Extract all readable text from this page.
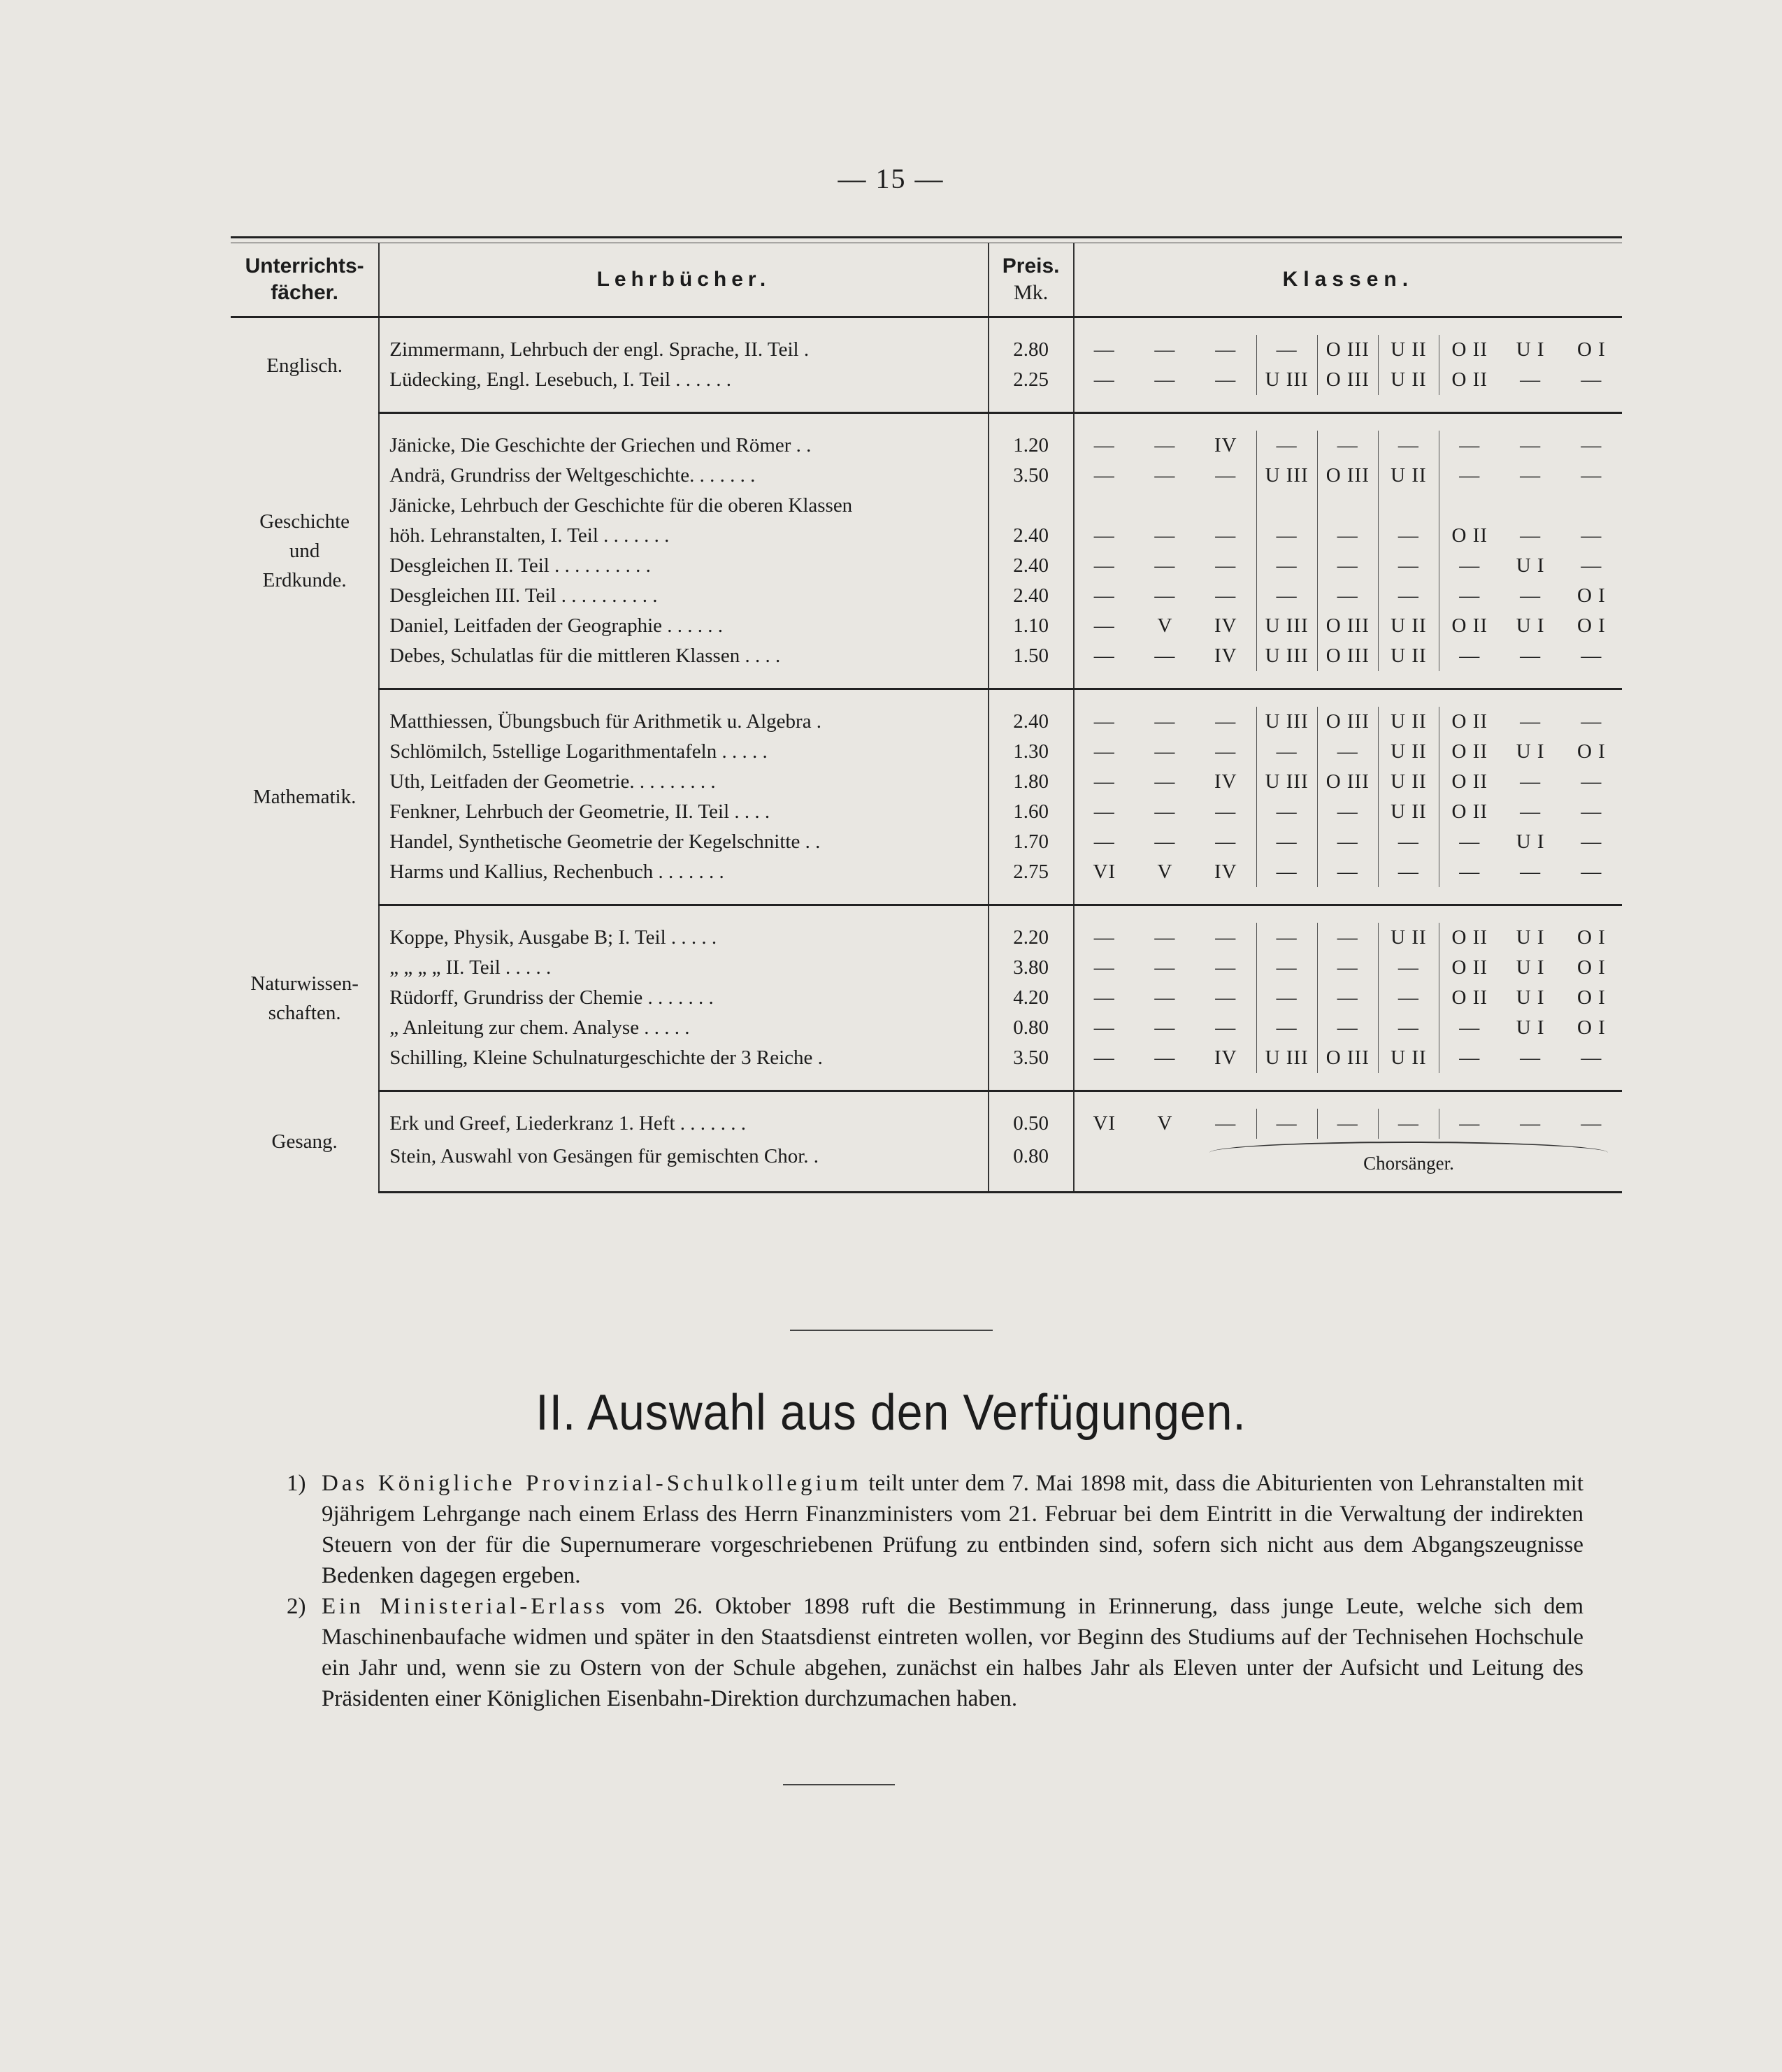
— 15 —
Unterrichts-
fächer.	Lehrbücher.	Preis.
Mk.	Klassen.								
Englisch.											
	Zimmermann, Lehrbuch der engl. Sprache, II. Teil .	2.80	—	—	—	—	O III	U II	O II	U I	O I
	Lüdecking, Engl. Lesebuch, I. Teil . . . . . .	2.25	—	—	—	U III	O III	U II	O II	—	—

Geschichte
und
Erdkunde.											
	Jänicke, Die Geschichte der Griechen und Römer . .	1.20	—	—	IV	—	—	—	—	—	—
	Andrä, Grundriss der Weltgeschichte. . . . . . .	3.50	—	—	—	U III	O III	U II	—	—	—
	Jänicke, Lehrbuch der Geschichte für die oberen Klassen										
	höh. Lehranstalten, I. Teil . . . . . . .	2.40	—	—	—	—	—	—	O II	—	—
	Desgleichen II. Teil . . . . . . . . . .	2.40	—	—	—	—	—	—	—	U I	—
	Desgleichen III. Teil . . . . . . . . . .	2.40	—	—	—	—	—	—	—	—	O I
	Daniel, Leitfaden der Geographie . . . . . .	1.10	—	V	IV	U III	O III	U II	O II	U I	O I
	Debes, Schulatlas für die mittleren Klassen . . . .	1.50	—	—	IV	U III	O III	U II	—	—	—

Mathematik.											
	Matthiessen, Übungsbuch für Arithmetik u. Algebra .	2.40	—	—	—	U III	O III	U II	O II	—	—
	Schlömilch, 5stellige Logarithmentafeln . . . . .	1.30	—	—	—	—	—	U II	O II	U I	O I
	Uth, Leitfaden der Geometrie. . . . . . . . .	1.80	—	—	IV	U III	O III	U II	O II	—	—
	Fenkner, Lehrbuch der Geometrie, II. Teil . . . .	1.60	—	—	—	—	—	U II	O II	—	—
	Handel, Synthetische Geometrie der Kegelschnitte . .	1.70	—	—	—	—	—	—	—	U I	—
	Harms und Kallius, Rechenbuch . . . . . . .	2.75	VI	V	IV	—	—	—	—	—	—

Naturwissen-
schaften.											
	Koppe, Physik, Ausgabe B; I. Teil . . . . .	2.20	—	—	—	—	—	U II	O II	U I	O I
	„ „ „ „ II. Teil . . . . .	3.80	—	—	—	—	—	—	O II	U I	O I
	Rüdorff, Grundriss der Chemie . . . . . . .	4.20	—	—	—	—	—	—	O II	U I	O I
	„ Anleitung zur chem. Analyse . . . . .	0.80	—	—	—	—	—	—	—	U I	O I
	Schilling, Kleine Schulnaturgeschichte der 3 Reiche .	3.50	—	—	IV	U III	O III	U II	—	—	—

Gesang.											
	Erk und Greef, Liederkranz 1. Heft . . . . . . .	0.50	VI	V	—	—	—	—	—	—	—
	Stein, Auswahl von Gesängen für gemischten Chor. .	0.80			Chorsänger.						

II. Auswahl aus den Verfügungen.

1) Das Königliche Provinzial-Schulkollegium teilt unter dem 7. Mai 1898 mit, dass die Abiturienten von Lehranstalten mit 9jährigem Lehrgange nach einem Erlass des Herrn Finanzministers vom 21. Februar bei dem Eintritt in die Verwaltung der indirekten Steuern von der für die Supernumerare vorgeschriebenen Prüfung zu entbinden sind, sofern sich nicht aus dem Abgangszeugnisse Bedenken dagegen ergeben.

2) Ein Ministerial-Erlass vom 26. Oktober 1898 ruft die Bestimmung in Erinnerung, dass junge Leute, welche sich dem Maschinenbaufache widmen und später in den Staatsdienst eintreten wollen, vor Beginn des Studiums auf der Technisehen Hochschule ein Jahr und, wenn sie zu Ostern von der Schule abgehen, zunächst ein halbes Jahr als Eleven unter der Aufsicht und Leitung des Präsidenten einer Königlichen Eisenbahn-Direktion durchzumachen haben.
